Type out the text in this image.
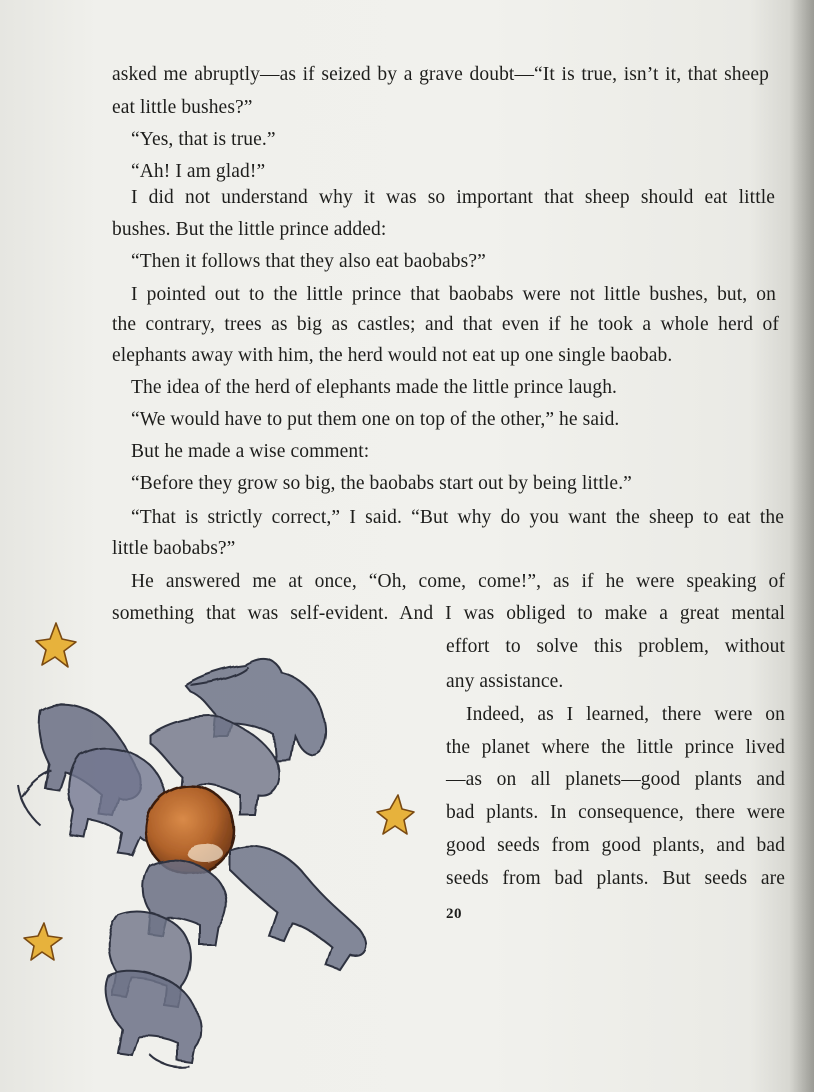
asked me abruptly—as if seized by a grave doubt—“It is true, isn’t it, that sheep
eat little bushes?”
“Yes, that is true.”
“Ah! I am glad!”
I did not understand why it was so important that sheep should eat little
bushes. But the little prince added:
“Then it follows that they also eat baobabs?”
I pointed out to the little prince that baobabs were not little bushes, but, on
the contrary, trees as big as castles; and that even if he took a whole herd of
elephants away with him, the herd would not eat up one single baobab.
The idea of the herd of elephants made the little prince laugh.
“We would have to put them one on top of the other,” he said.
But he made a wise comment:
“Before they grow so big, the baobabs start out by being little.”
“That is strictly correct,” I said. “But why do you want the sheep to eat the
little baobabs?”
He answered me at once, “Oh, come, come!”, as if he were speaking of
something that was self-evident. And I was obliged to make a great mental
effort to solve this problem, without
any assistance.
Indeed, as I learned, there were on
the planet where the little prince lived
—as on all planets—good plants and
bad plants. In consequence, there were
good seeds from good plants, and bad
seeds from bad plants. But seeds are
20
